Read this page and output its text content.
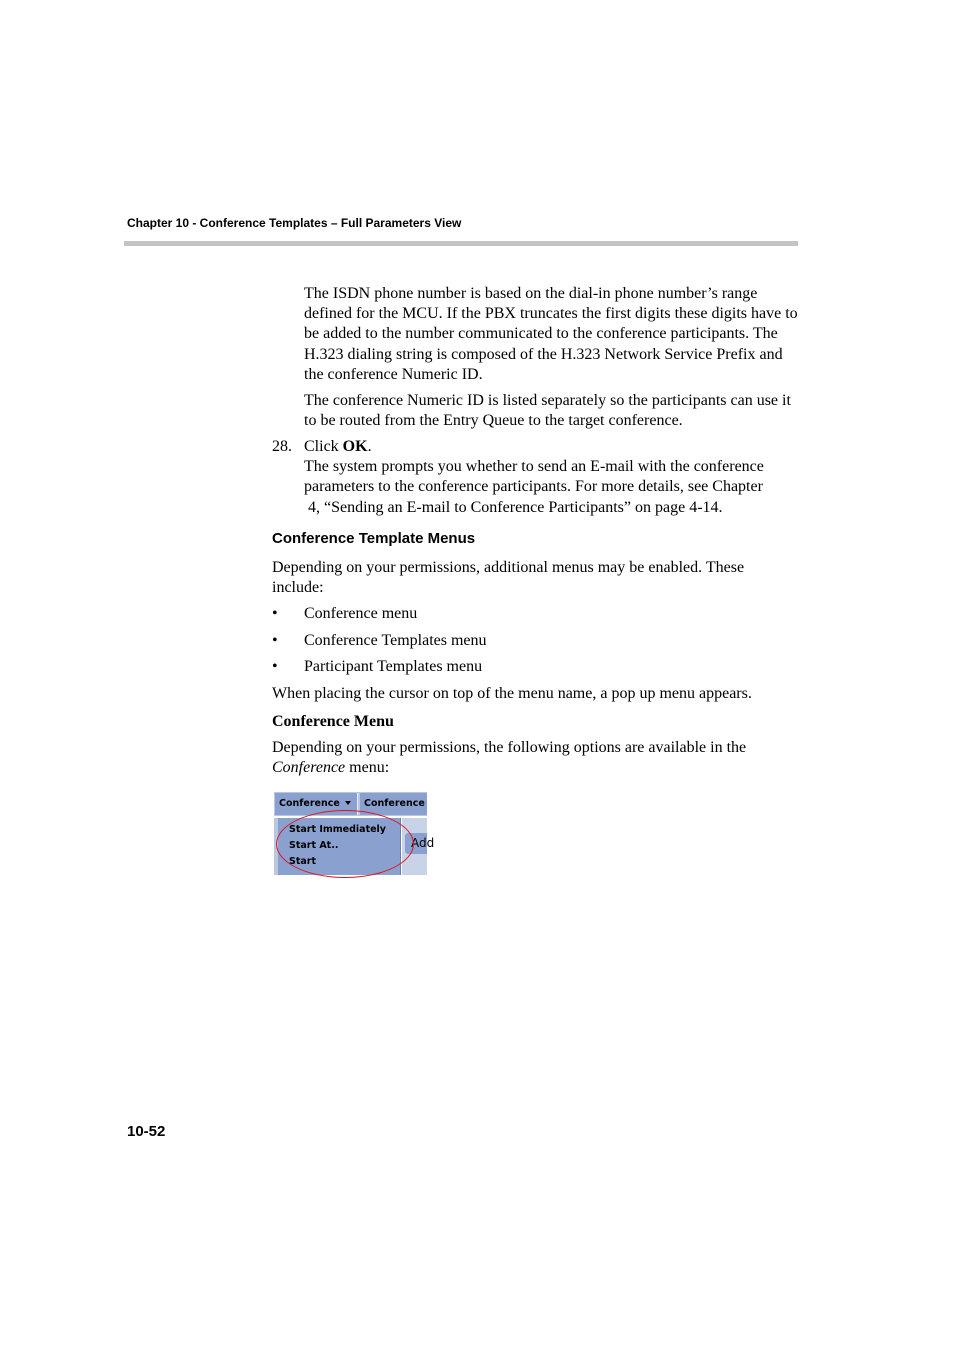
Chapter 10 - Conference Templates – Full Parameters View
The ISDN phone number is based on the dial-in phone number’s range defined for the MCU. If the PBX truncates the first digits these digits have to be added to the number communicated to the conference participants. The H.323 dialing string is composed of the H.323 Network Service Prefix and the conference Numeric ID.
The conference Numeric ID is listed separately so the participants can use it to be routed from the Entry Queue to the target conference.
28. Click OK.
The system prompts you whether to send an E-mail with the conference
parameters to the conference participants. For more details, see Chapter
4, “Sending an E-mail to Conference Participants” on page 4-14.
Conference Template Menus
Depending on your permissions, additional menus may be enabled. These include:
• Conference menu
• Conference Templates menu
• Participant Templates menu
When placing the cursor on top of the menu name, a pop up menu appears.
Conference Menu
Depending on your permissions, the following options are available in the
Conference menu:
Conference	Conference
Start Immediately
Start At..
Start
Add
10-52
